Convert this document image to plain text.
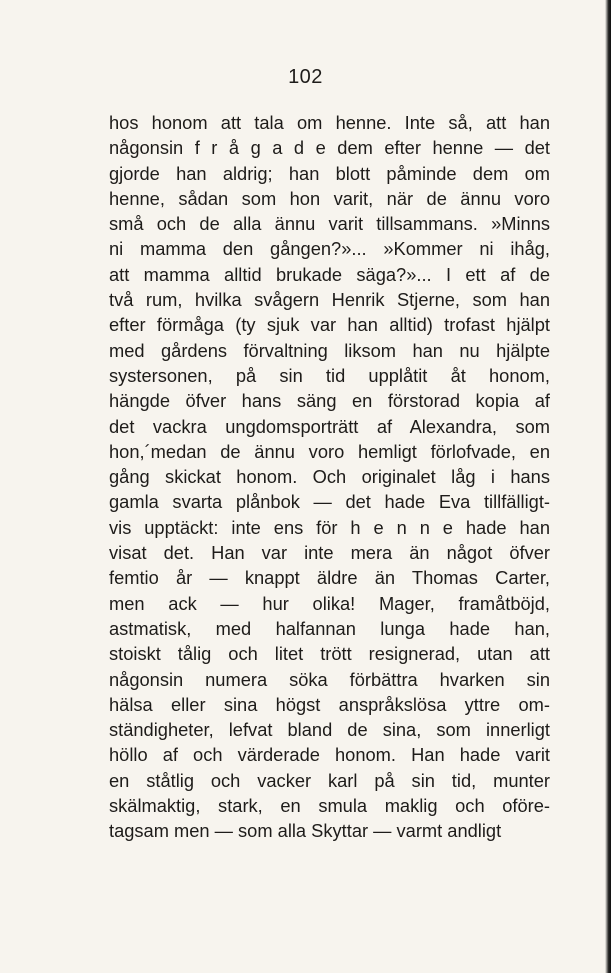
102
hos honom att tala om henne. Inte så, att han
någonsin f r å g a d e dem efter henne — det
gjorde han aldrig; han blott påminde dem om
henne, sådan som hon varit, när de ännu voro
små och de alla ännu varit tillsammans. »Minns
ni mamma den gången?»... »Kommer ni ihåg,
att mamma alltid brukade säga?»... I ett af de
två rum, hvilka svågern Henrik Stjerne, som han
efter förmåga (ty sjuk var han alltid) trofast hjälpt
med gårdens förvaltning liksom han nu hjälpte
systersonen, på sin tid upplåtit åt honom,
hängde öfver hans säng en förstorad kopia af
det vackra ungdomsporträtt af Alexandra, som
hon,´medan de ännu voro hemligt förlofvade, en
gång skickat honom. Och originalet låg i hans
gamla svarta plånbok — det hade Eva tillfälligt-
vis upptäckt: inte ens för h e n n e hade han
visat det. Han var inte mera än något öfver
femtio år — knappt äldre än Thomas Carter,
men ack — hur olika! Mager, framåtböjd,
astmatisk, med halfannan lunga hade han,
stoiskt tålig och litet trött resignerad, utan att
någonsin numera söka förbättra hvarken sin
hälsa eller sina högst anspråkslösa yttre om-
ständigheter, lefvat bland de sina, som innerligt
höllo af och värderade honom. Han hade varit
en ståtlig och vacker karl på sin tid, munter
skälmaktig, stark, en smula maklig och oföre-
tagsam men — som alla Skyttar — varmt andligt
